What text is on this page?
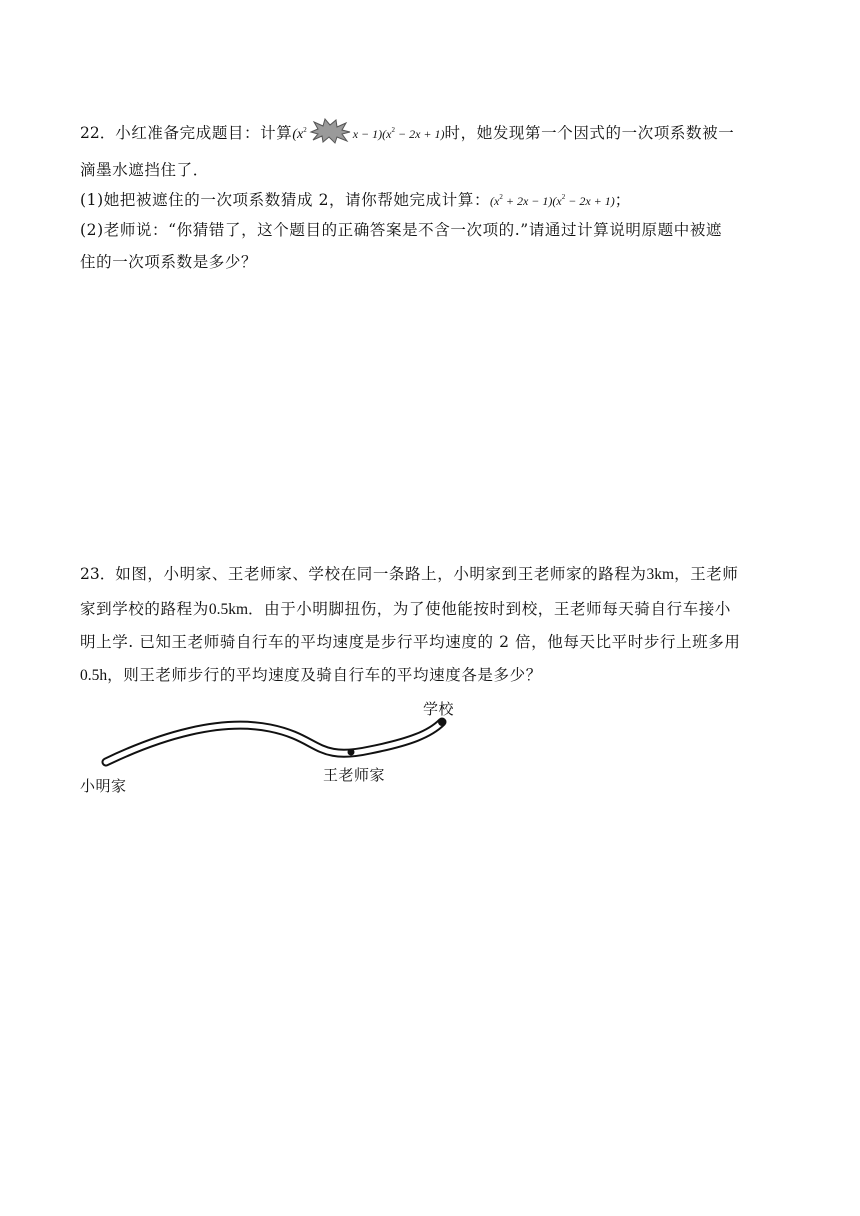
22．小红准备完成题目：计算($x^2$	$x - 1)(x^2 - 2x + 1)$时，她发现第一个因式的一次项系数被一
滴墨水遮挡住了．
(1)她把被遮住的一次项系数猜成 2，请你帮她完成计算：$(x^2 + 2x - 1)(x^2 - 2x + 1)$；
(2)老师说：“你猜错了，这个题目的正确答案是不含一次项的.”请通过计算说明原题中被遮
住的一次项系数是多少？
23．如图，小明家、王老师家、学校在同一条路上，小明家到王老师家的路程为3km，王老师
家到学校的路程为0.5km．由于小明脚扭伤，为了使他能按时到校，王老师每天骑自行车接小
明上学. 已知王老师骑自行车的平均速度是步行平均速度的 2 倍，他每天比平时步行上班多用
0.5h，则王老师步行的平均速度及骑自行车的平均速度各是多少？
学校
王老师家
小明家
